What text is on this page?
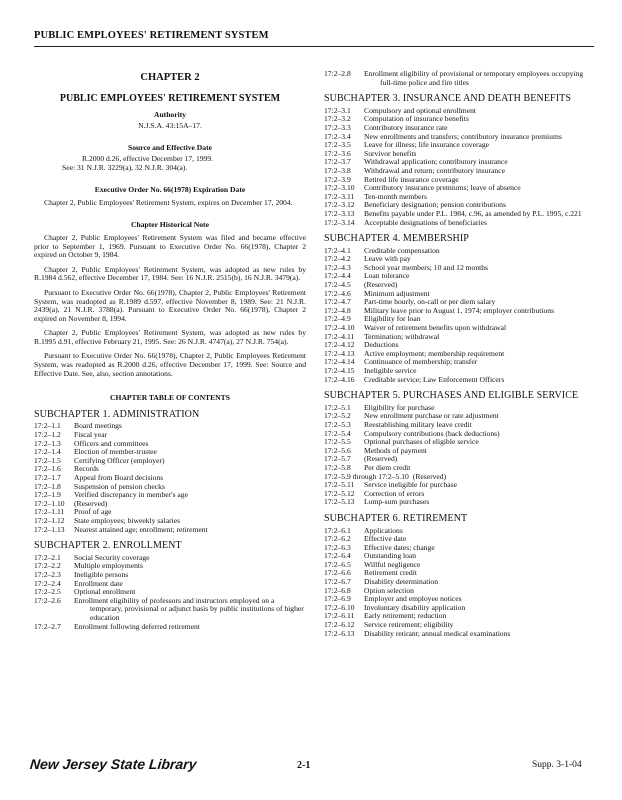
PUBLIC EMPLOYEES' RETIREMENT SYSTEM
CHAPTER 2
PUBLIC EMPLOYEES' RETIREMENT SYSTEM
Authority
N.J.S.A. 43:15A–17.
Source and Effective Date
R.2000 d.26, effective December 17, 1999.
See: 31 N.J.R. 3229(a), 32 N.J.R. 304(a).
Executive Order No. 66(1978) Expiration Date

Chapter 2, Public Employees' Retirement System, expires on December 17, 2004.

Chapter Historical Note

Chapter 2, Public Employees' Retirement System was filed and became effective prior to September 1, 1969. Pursuant to Executive Order No. 66(1978), Chapter 2 expired on October 9, 1984.

Chapter 2, Public Employees' Retirement System, was adopted as new rules by R.1984 d.562, effective December 17, 1984. See: 16 N.J.R. 2515(b), 16 N.J.R. 3479(a).

Pursuant to Executive Order No. 66(1978), Chapter 2, Public Employees' Retirement System, was readopted as R.1989 d.597, effective November 8, 1989. See: 21 N.J.R. 2439(a), 21 N.J.R. 3788(a). Pursuant to Executive Order No. 66(1978), Chapter 2 expired on November 8, 1994.

Chapter 2, Public Employees' Retirement System, was adopted as new rules by R.1995 d.91, effective February 21, 1995. See: 26 N.J.R. 4747(a), 27 N.J.R. 754(a).

Pursuant to Executive Order No. 66(1978), Chapter 2, Public Employees Retirement System, was readopted as R.2000 d.26, effective December 17, 1999. See: Source and Effective Date. See, also, section annotations.

CHAPTER TABLE OF CONTENTS
SUBCHAPTER 1. ADMINISTRATION
17:2–1.1	Board meetings
17:2–1.2	Fiscal year
17:2–1.3	Officers and committees
17:2–1.4	Election of member-trustee
17:2–1.5	Certifying Officer (employer)
17:2–1.6	Records
17:2–1.7	Appeal from Board decisions
17:2–1.8	Suspension of pension checks
17:2–1.9	Verified discrepancy in member's age
17:2–1.10	(Reserved)
17:2–1.11	Proof of age
17:2–1.12	State employees; biweekly salaries
17:2–1.13	Nearest attained age; enrollment; retirement
SUBCHAPTER 2. ENROLLMENT
17:2–2.1	Social Security coverage
17:2–2.2	Multiple employments
17:2–2.3	Ineligible persons
17:2–2.4	Enrollment date
17:2–2.5	Optional enrollment
17:2–2.6	Enrollment eligibility of professors and instructors employed on a temporary, provisional or adjunct basis by public institutions of higher education
17:2–2.7	Enrollment following deferred retirement
17:2–2.8	Enrollment eligibility of provisional or temporary employees occupying full-time police and fire titles
SUBCHAPTER 3. INSURANCE AND DEATH BENEFITS
17:2–3.1	Compulsory and optional enrollment
17:2–3.2	Computation of insurance benefits
17:2–3.3	Contributory insurance rate
17:2–3.4	New enrollments and transfers; contributory insurance premiums
17:2–3.5	Leave for illness; life insurance coverage
17:2–3.6	Survivor benefits
17:2–3.7	Withdrawal application; contributory insurance
17:2–3.8	Withdrawal and return; contributory insurance
17:2–3.9	Retired life insurance coverage
17:2–3.10	Contributory insurance premiums; leave of absence
17:2–3.11	Ten-month members
17:2–3.12	Beneficiary designation; pension contributions
17:2–3.13	Benefits payable under P.L. 1984, c.96, as amended by P.L. 1995, c.221
17:2–3.14	Acceptable designations of beneficiaries
SUBCHAPTER 4. MEMBERSHIP
17:2–4.1	Creditable compensation
17:2–4.2	Leave with pay
17:2–4.3	School year members; 10 and 12 months
17:2–4.4	Loan tolerance
17:2–4.5	(Reserved)
17:2–4.6	Minimum adjustment
17:2–4.7	Part-time hourly, on-call or per diem salary
17:2–4.8	Military leave prior to August 1, 1974; employer contributions
17:2–4.9	Eligibility for loan
17:2–4.10	Waiver of retirement benefits upon withdrawal
17:2–4.11	Termination; withdrawal
17:2–4.12	Deductions
17:2–4.13	Active employment; membership requirement
17:2–4.14	Continuance of membership; transfer
17:2–4.15	Ineligible service
17:2–4.16	Creditable service; Law Enforcement Officers
SUBCHAPTER 5. PURCHASES AND ELIGIBLE SERVICE
17:2–5.1	Eligibility for purchase
17:2–5.2	New enrollment purchase or rate adjustment
17:2–5.3	Reestablishing military leave credit
17:2–5.4	Compulsory contributions (back deductions)
17:2–5.5	Optional purchases of eligible service
17:2–5.6	Methods of payment
17:2–5.7	(Reserved)
17:2–5.8	Per diem credit
17:2–5.9 through 17:2–5.10 (Reserved)
17:2–5.11	Service ineligible for purchase
17:2–5.12	Correction of errors
17:2–5.13	Lump-sum purchases
SUBCHAPTER 6. RETIREMENT
17:2–6.1	Applications
17:2–6.2	Effective date
17:2–6.3	Effective dates; change
17:2–6.4	Outstanding loan
17:2–6.5	Willful negligence
17:2–6.6	Retirement credit
17:2–6.7	Disability determination
17:2–6.8	Option selection
17:2–6.9	Employer and employee notices
17:2–6.10	Involuntary disability application
17:2–6.11	Early retirement; reduction
17:2–6.12	Service retirement; eligibility
17:2–6.13	Disability retirant; annual medical examinations
New Jersey State Library	2-1	Supp. 3-1-04
